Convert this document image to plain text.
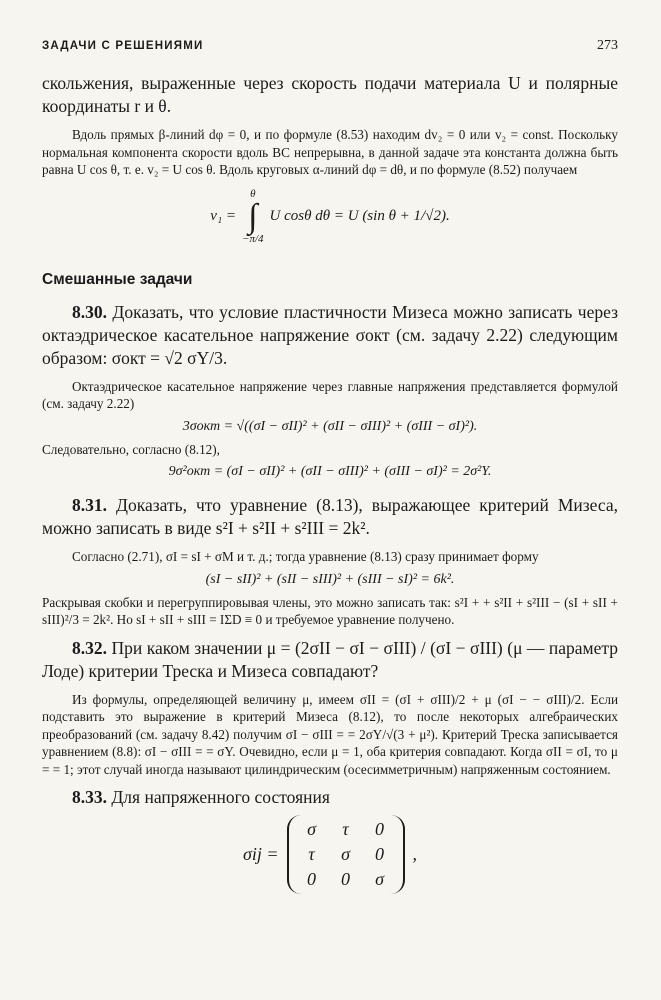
ЗАДАЧИ С РЕШЕНИЯМИ	273

скольжения, выраженные через скорость подачи материала U и полярные координаты r и θ.

Вдоль прямых β-линий dφ = 0, и по формуле (8.53) находим dv₂ = 0 или v₂ = const. Поскольку нормальная компонента скорости вдоль BC непрерывна, в данной задаче эта константа должна быть равна U cos θ, т. е. v₂ = U cos θ. Вдоль круговых α-линий dφ = dθ, и по формуле (8.52) получаем

v₁ =
θ
∫
−π/4
U cosθ dθ = U (sin θ + 1/√2).
Смешанные задачи

8.30. Доказать, что условие пластичности Мизеса можно записать через октаэдрическое касательное напряжение σокт (см. задачу 2.22) следующим образом: σокт = √2 σY/3.

Октаэдрическое касательное напряжение через главные напряжения представляется формулой (см. задачу 2.22)

3σокт = √((σI − σII)² + (σII − σIII)² + (σIII − σI)²).

Следовательно, согласно (8.12),

9σ²окт = (σI − σII)² + (σII − σIII)² + (σIII − σI)² = 2σ²Y.

8.31. Доказать, что уравнение (8.13), выражающее критерий Мизеса, можно записать в виде s²I + s²II + s²III = 2k².

Согласно (2.71), σI = sI + σM и т. д.; тогда уравнение (8.13) сразу принимает форму

(sI − sII)² + (sII − sIII)² + (sIII − sI)² = 6k².

Раскрывая скобки и перегруппировывая члены, это можно записать так: s²I + + s²II + s²III − (sI + sII + sIII)²/3 = 2k². Но sI + sII + sIII = IΣD ≡ 0 и требуемое уравнение получено.

8.32. При каком значении μ = (2σII − σI − σIII) / (σI − σIII) (μ — параметр Лоде) критерии Треска и Мизеса совпадают?

Из формулы, определяющей величину μ, имеем σII = (σI + σIII)/2 + μ (σI − − σIII)/2. Если подставить это выражение в критерий Мизеса (8.12), то после некоторых алгебраических преобразований (см. задачу 8.42) получим σI − σIII = = 2σY/√(3 + μ²). Критерий Треска записывается уравнением (8.8): σI − σIII = = σY. Очевидно, если μ = 1, оба критерия совпадают. Когда σII = σI, то μ = = 1; этот случай иногда называют цилиндрическим (осесимметричным) напряженным состоянием.

8.33. Для напряженного состояния

σij =
σ	τ	0
τ	σ	0
0	0	σ
,
